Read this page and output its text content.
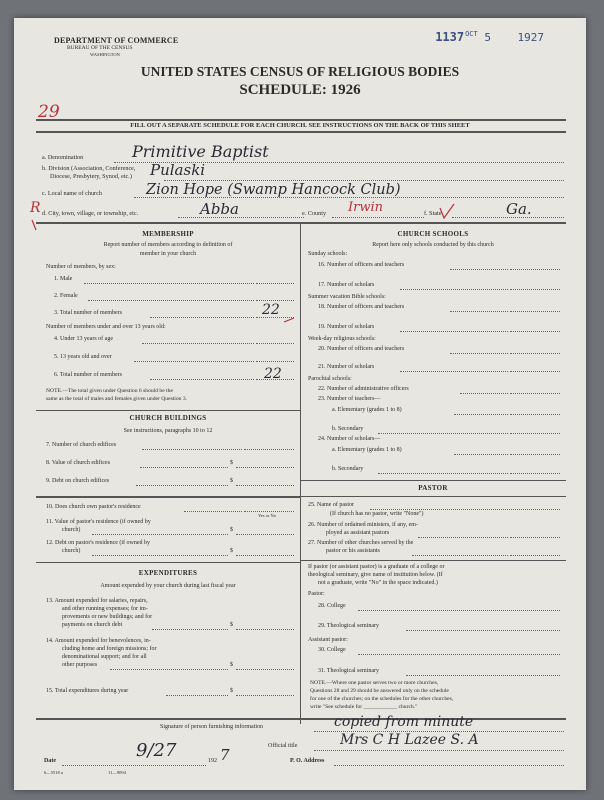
DEPARTMENT OF COMMERCE
BUREAU OF THE CENSUS
WASHINGTON
$1137^{OCT}$ 5 1927
UNITED STATES CENSUS OF RELIGIOUS BODIES
SCHEDULE: 1926
29
FILL OUT A SEPARATE SCHEDULE FOR EACH CHURCH. SEE INSTRUCTIONS ON THE BACK OF THIS SHEET
a. Denomination	Primitive Baptist
b. Division (Association, Conference,
Diocese, Presbytery, Synod, etc.) Pulaski
c. Local name of church	Zion Hope (Swamp Hancock Club)
R d. City, town, village, or township, etc.	Abba	e. County Irwin	f. State	Ga.
MEMBERSHIP
Report number of members according to definition of
member in your church
Number of members, by sex:
1. Male
2. Female
3. Total number of members	22
Number of members under and over 13 years old:
4. Under 13 years of age
5. 13 years old and over
6. Total number of members	22
NOTE.—The total given under Question 6 should be the
same as the total of males and females given under Question 3.
CHURCH BUILDINGS
See instructions, paragraphs 10 to 12
7. Number of church edifices
8. Value of church edifices	$
9. Debt on church edifices	$
10. Does church own pastor's residence
Yes or No
11. Value of pastor's residence (if owned by
church)	$
12. Debt on pastor's residence (if owned by
church)	$
EXPENDITURES
Amount expended by your church during last fiscal year
13. Amount expended for salaries, repairs,
and other running expenses; for im-
provements or new buildings; and for
payments on church debt	$
14. Amount expended for benevolences, in-
cluding home and foreign missions; for
denominational support; and for all
other purposes	$
15. Total expenditures during year	$
CHURCH SCHOOLS
Report here only schools conducted by this church
Sunday schools:
16. Number of officers and teachers
17. Number of scholars
Summer vacation Bible schools:
18. Number of officers and teachers
19. Number of scholars
Week-day religious schools:
20. Number of officers and teachers
21. Number of scholars
Parochial schools:
22. Number of administrative officers
23. Number of teachers—
a. Elementary (grades 1 to 8)
b. Secondary
24. Number of scholars—
a. Elementary (grades 1 to 8)
b. Secondary
PASTOR
25. Name of pastor
(If church has no pastor, write "None")
26. Number of ordained ministers, if any, em-
ployed as assistant pastors
27. Number of other churches served by the
pastor or his assistants
If pastor (or assistant pastor) is a graduate of a college or
theological seminary, give name of institution below. (If
not a graduate, write "No" in the space indicated.)
Pastor:
28. College
29. Theological seminary
Assistant pastor:
30. College
31. Theological seminary
NOTE.—Where one pastor serves two or more churches,
Questions 28 and 29 should be answered only on the schedule
for one of the churches; on the schedules for the other churches,
write "See schedule for ____________ church."
Signature of person furnishing information	copied from minute
Official title	Mrs C H Lazee S. A
Date	9/27	192 7	P. O. Address
6—5518 a	11—9094
